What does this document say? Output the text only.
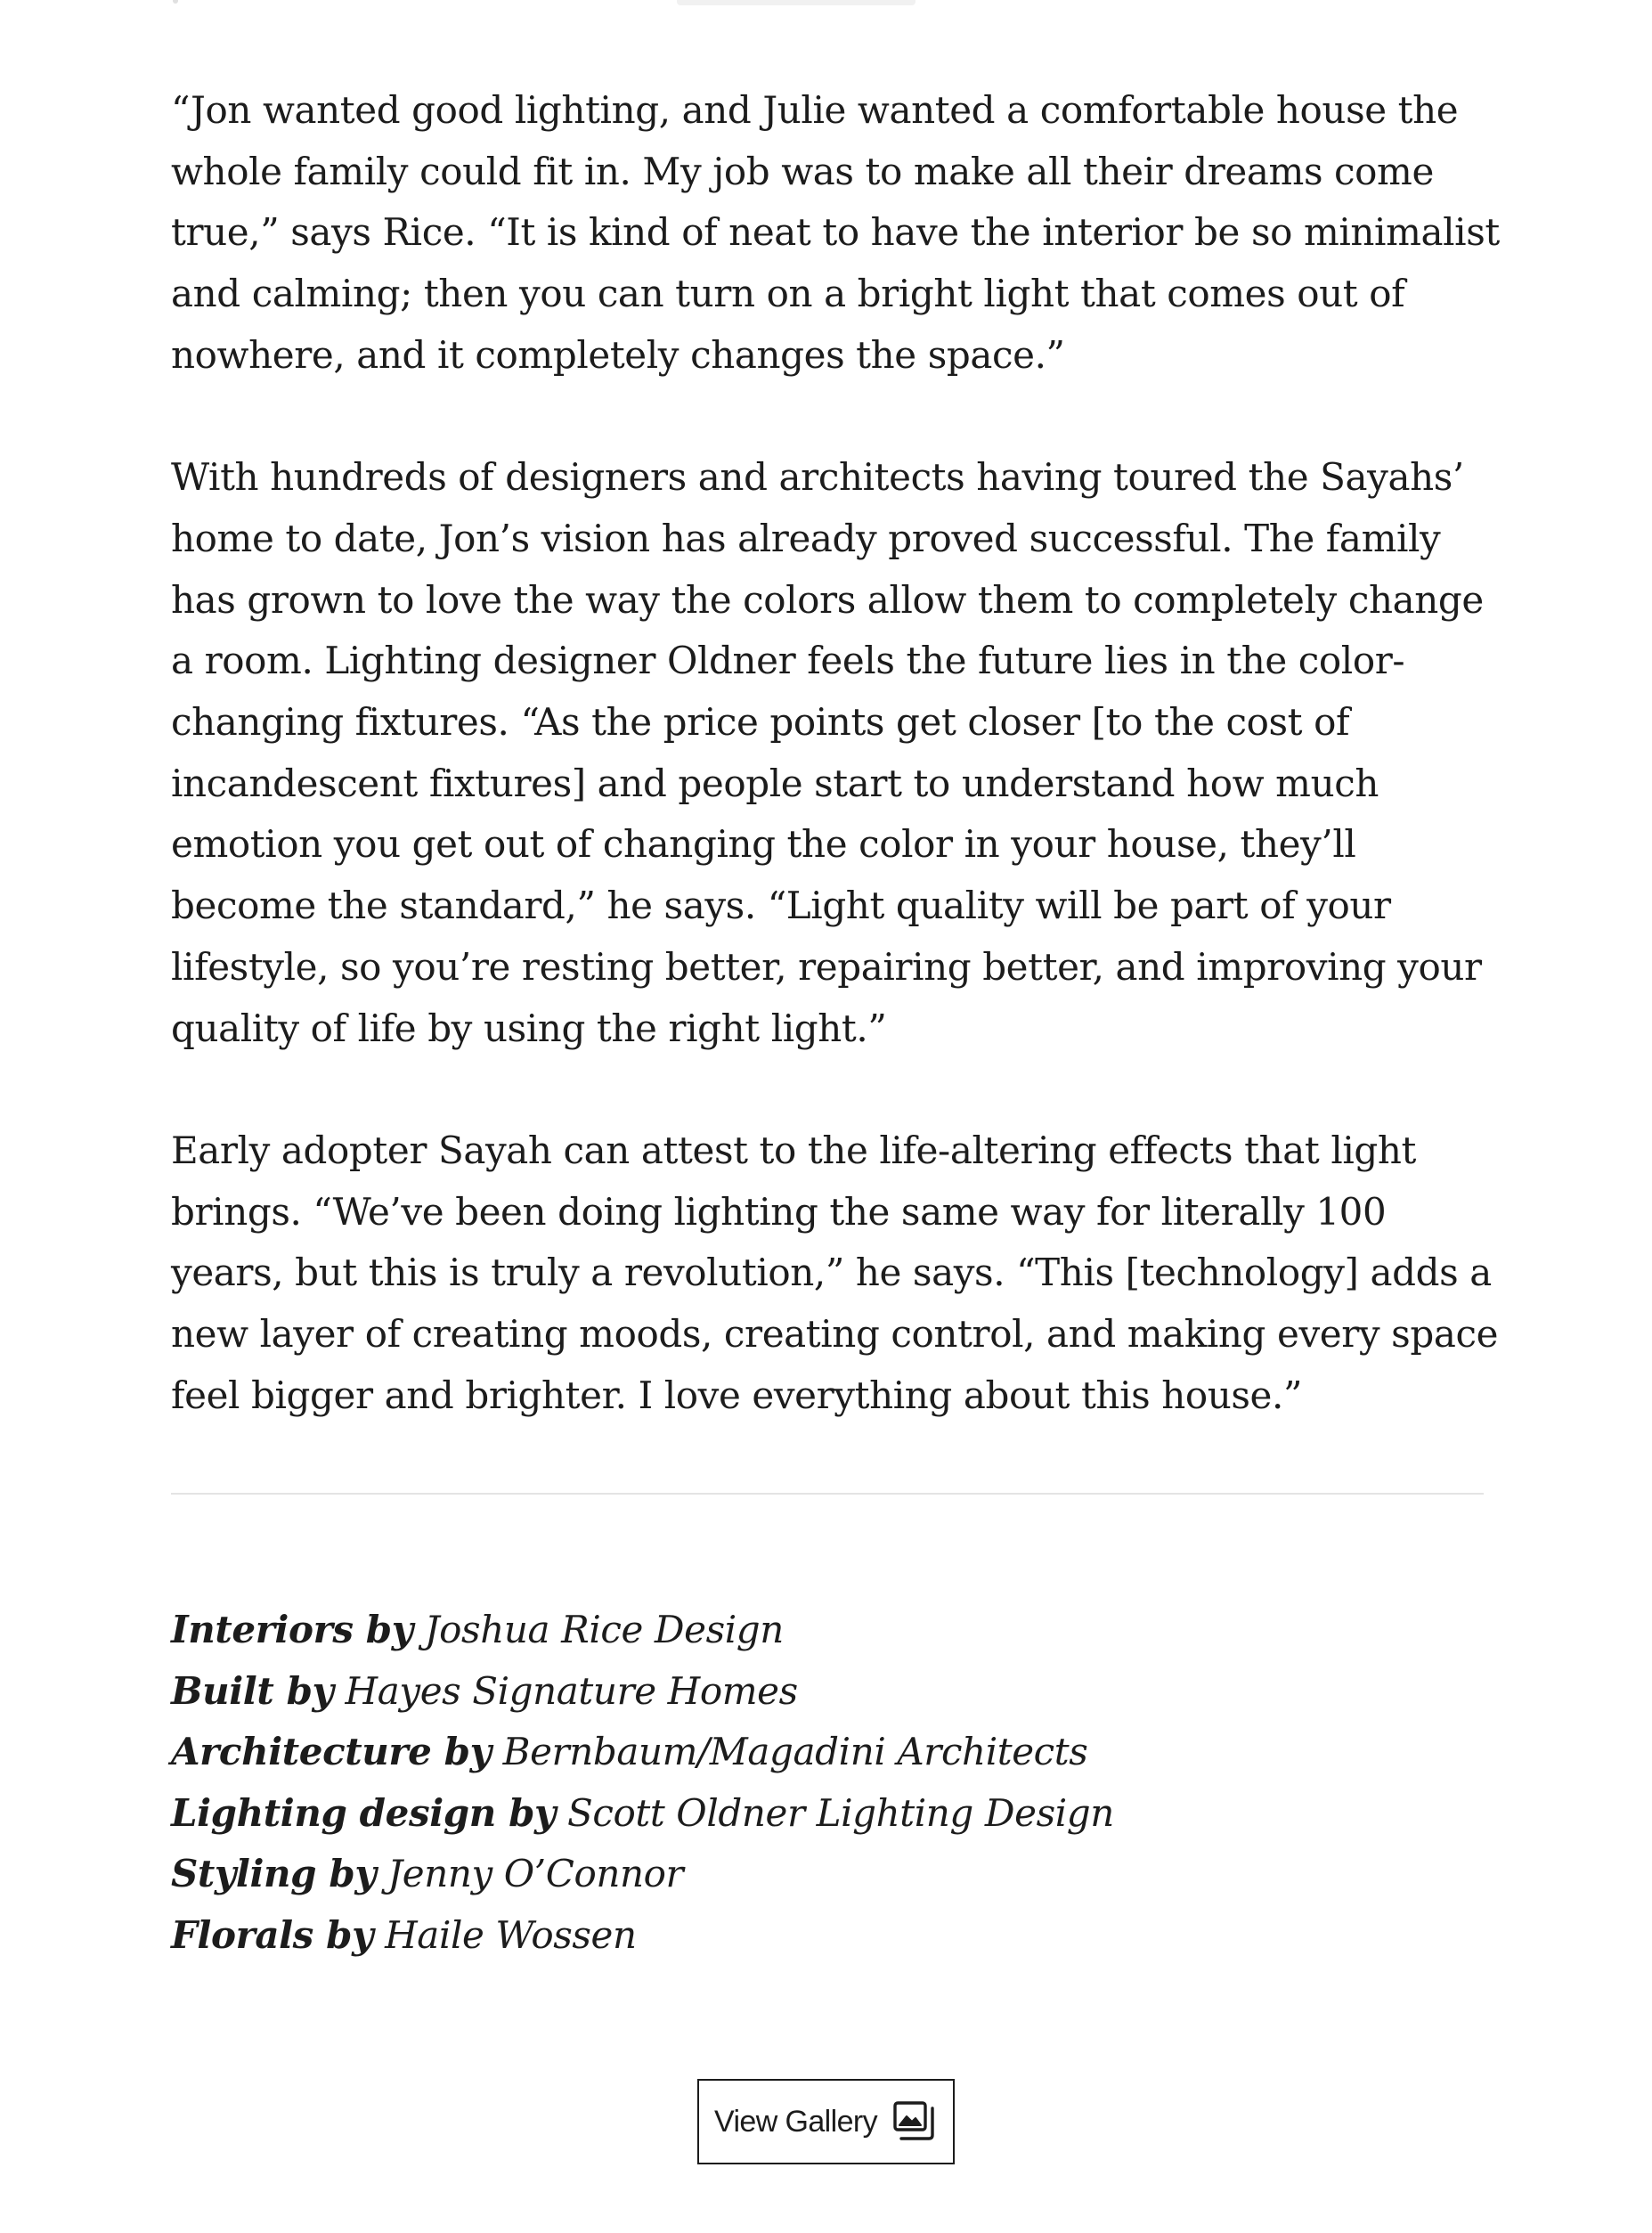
“Jon wanted good lighting, and Julie wanted a comfortable house the whole family could fit in. My job was to make all their dreams come true,” says Rice. “It is kind of neat to have the interior be so minimalist and calming; then you can turn on a bright light that comes out of nowhere, and it completely changes the space.”

With hundreds of designers and architects having toured the Sayahs’ home to date, Jon’s vision has already proved successful. The family has grown to love the way the colors allow them to completely change a room. Lighting designer Oldner feels the future lies in the color-changing fixtures. “As the price points get closer [to the cost of incandescent fixtures] and people start to understand how much emotion you get out of changing the color in your house, they’ll become the standard,” he says. “Light quality will be part of your lifestyle, so you’re resting better, repairing better, and improving your quality of life by using the right light.”

Early adopter Sayah can attest to the life-altering effects that light brings. “We’ve been doing lighting the same way for literally 100 years, but this is truly a revolution,” he says. “This [technology] adds a new layer of creating moods, creating control, and making every space feel bigger and brighter. I love everything about this house.”

Interiors by Joshua Rice Design
Built by Hayes Signature Homes
Architecture by Bernbaum/Magadini Architects
Lighting design by Scott Oldner Lighting Design
Styling by Jenny O’Connor
Florals by Haile Wossen
View Gallery
